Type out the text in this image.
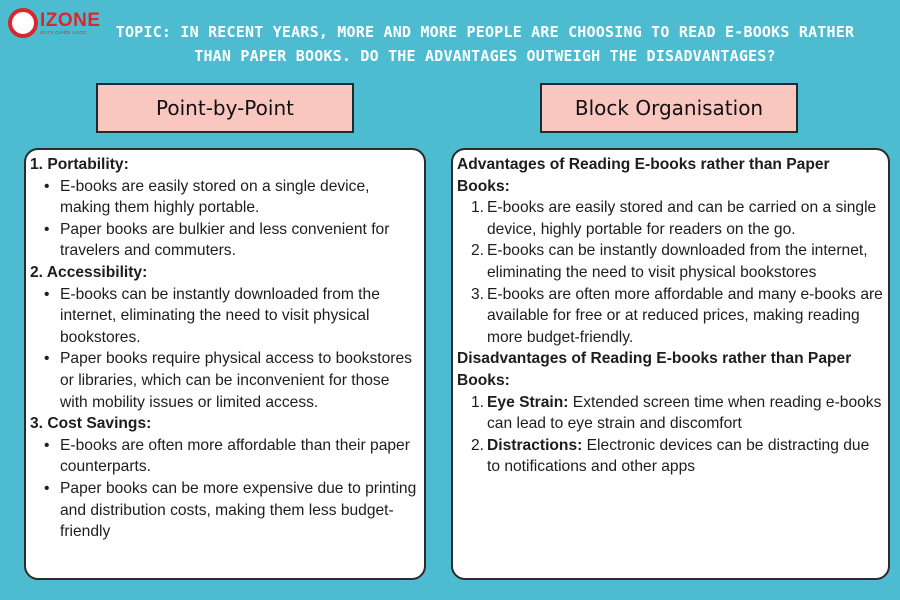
IZONE
IELTS CHIẾN LƯỢC	TOPIC: IN RECENT YEARS, MORE AND MORE PEOPLE ARE CHOOSING TO READ E-BOOKS RATHER THAN PAPER BOOKS. DO THE ADVANTAGES OUTWEIGH THE DISADVANTAGES?
Point-by-Point	Block Organisation
1. Portability:
• E-books are easily stored on a single device, making them highly portable.
• Paper books are bulkier and less convenient for travelers and commuters.
2. Accessibility:
• E-books can be instantly downloaded from the internet, eliminating the need to visit physical bookstores.
• Paper books require physical access to bookstores or libraries, which can be inconvenient for those with mobility issues or limited access.
3. Cost Savings:
• E-books are often more affordable than their paper counterparts.
• Paper books can be more expensive due to printing and distribution costs, making them less budget-friendly
Advantages of Reading E-books rather than Paper Books:
1. E-books are easily stored and can be carried on a single device, highly portable for readers on the go.
2. E-books can be instantly downloaded from the internet, eliminating the need to visit physical bookstores
3. E-books are often more affordable and many e-books are available for free or at reduced prices, making reading more budget-friendly.
Disadvantages of Reading E-books rather than Paper Books:
1. Eye Strain: Extended screen time when reading e-books can lead to eye strain and discomfort
2. Distractions: Electronic devices can be distracting due to notifications and other apps
